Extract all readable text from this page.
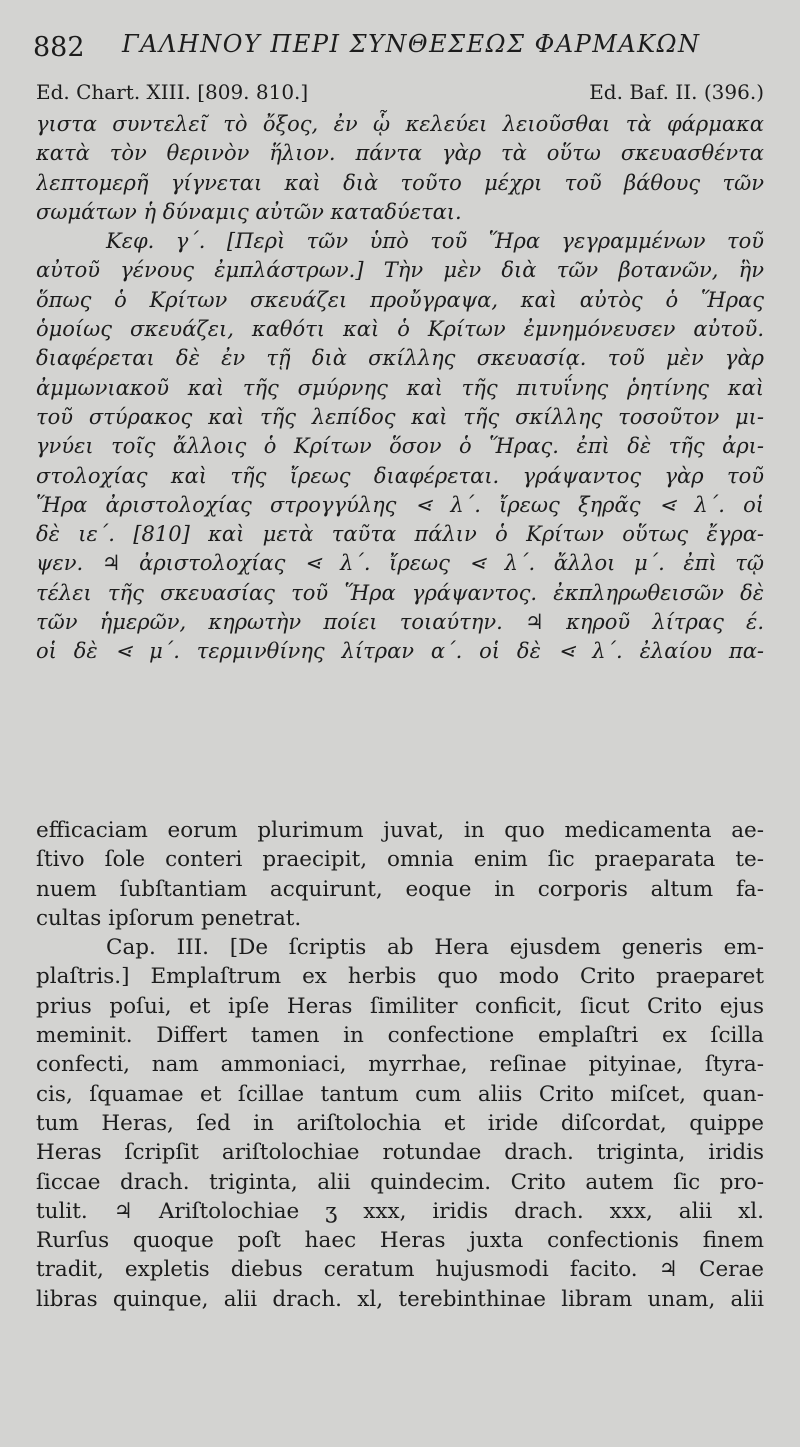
882 ΓΑΛΗΝΟΥ ΠΕΡΙ ΣΥΝΘΕΣΕΩΣ ΦΑΡΜΑΚΩΝ
Ed. Chart. XIII. [809. 810.]	Ed. Baf. II. (396.)
γιστα συντελεῖ τὸ ὄξος, ἐν ᾧ κελεύει λειοῦσθαι τὰ φάρμακα
κατὰ τὸν θερινὸν ἥλιον. πάντα γὰρ τὰ οὕτω σκευασθέντα
λεπτομερῆ γίγνεται καὶ διὰ τοῦτο μέχρι τοῦ βάθους τῶν
σωμάτων ἡ δύναμις αὐτῶν καταδύεται.
Κεφ. γ΄. [Περὶ τῶν ὑπὸ τοῦ Ἥρα γεγραμμένων τοῦ
αὐτοῦ γένους ἐμπλάστρων.] Τὴν μὲν διὰ τῶν βοτανῶν, ἣν
ὅπως ὁ Κρίτων σκευάζει προὔγραψα, καὶ αὐτὸς ὁ Ἥρας
ὁμοίως σκευάζει, καθότι καὶ ὁ Κρίτων ἐμνημόνευσεν αὐτοῦ.
διαφέρεται δὲ ἐν τῇ διὰ σκίλλης σκευασίᾳ. τοῦ μὲν γὰρ
ἀμμωνιακοῦ καὶ τῆς σμύρνης καὶ τῆς πιτυΐνης ῥητίνης καὶ
τοῦ στύρακος καὶ τῆς λεπίδος καὶ τῆς σκίλλης τοσοῦτον μι-
γνύει τοῖς ἄλλοις ὁ Κρίτων ὅσον ὁ Ἥρας. ἐπὶ δὲ τῆς ἀρι-
στολοχίας καὶ τῆς ἴρεως διαφέρεται. γράψαντος γὰρ τοῦ
Ἥρα ἀριστολοχίας στρογγύλης ⋖ λ΄. ἴρεως ξηρᾶς ⋖ λ΄. οἱ
δὲ ιε΄. [810] καὶ μετὰ ταῦτα πάλιν ὁ Κρίτων οὕτως ἔγρα-
ψεν. ♃ ἀριστολοχίας ⋖ λ΄. ἴρεως ⋖ λ΄. ἄλλοι μ΄. ἐπὶ τῷ
τέλει τῆς σκευασίας τοῦ Ἥρα γράψαντος. ἐκπληρωθεισῶν δὲ
τῶν ἡμερῶν, κηρωτὴν ποίει τοιαύτην. ♃ κηροῦ λίτρας έ.
οἱ δὲ ⋖ μ΄. τερμινθίνης λίτραν α΄. οἱ δὲ ⋖ λ΄. ἐλαίου πα-
efficaciam eorum plurimum juvat, in quo medicamenta ae-
ſtivo ſole conteri praecipit, omnia enim ſic praeparata te-
nuem ſubſtantiam acquirunt, eoque in corporis altum fa-
cultas ipſorum penetrat.
Cap. III. [De ſcriptis ab Hera ejusdem generis em-
plaſtris.] Emplaſtrum ex herbis quo modo Crito praeparet
prius poſui, et ipſe Heras ſimiliter conficit, ſicut Crito ejus
meminit. Differt tamen in confectione emplaſtri ex ſcilla
confecti, nam ammoniaci, myrrhae, reſinae pityinae, ſtyra-
cis, ſquamae et ſcillae tantum cum aliis Crito miſcet, quan-
tum Heras, ſed in ariſtolochia et iride diſcordat, quippe
Heras ſcripſit ariſtolochiae rotundae drach. triginta, iridis
ſiccae drach. triginta, alii quindecim. Crito autem ſic pro-
tulit. ♃ Ariſtolochiae ʒ xxx, iridis drach. xxx, alii xl.
Rurſus quoque poſt haec Heras juxta confectionis finem
tradit, expletis diebus ceratum hujusmodi facito. ♃ Cerae
libras quinque, alii drach. xl, terebinthinae libram unam, alii
